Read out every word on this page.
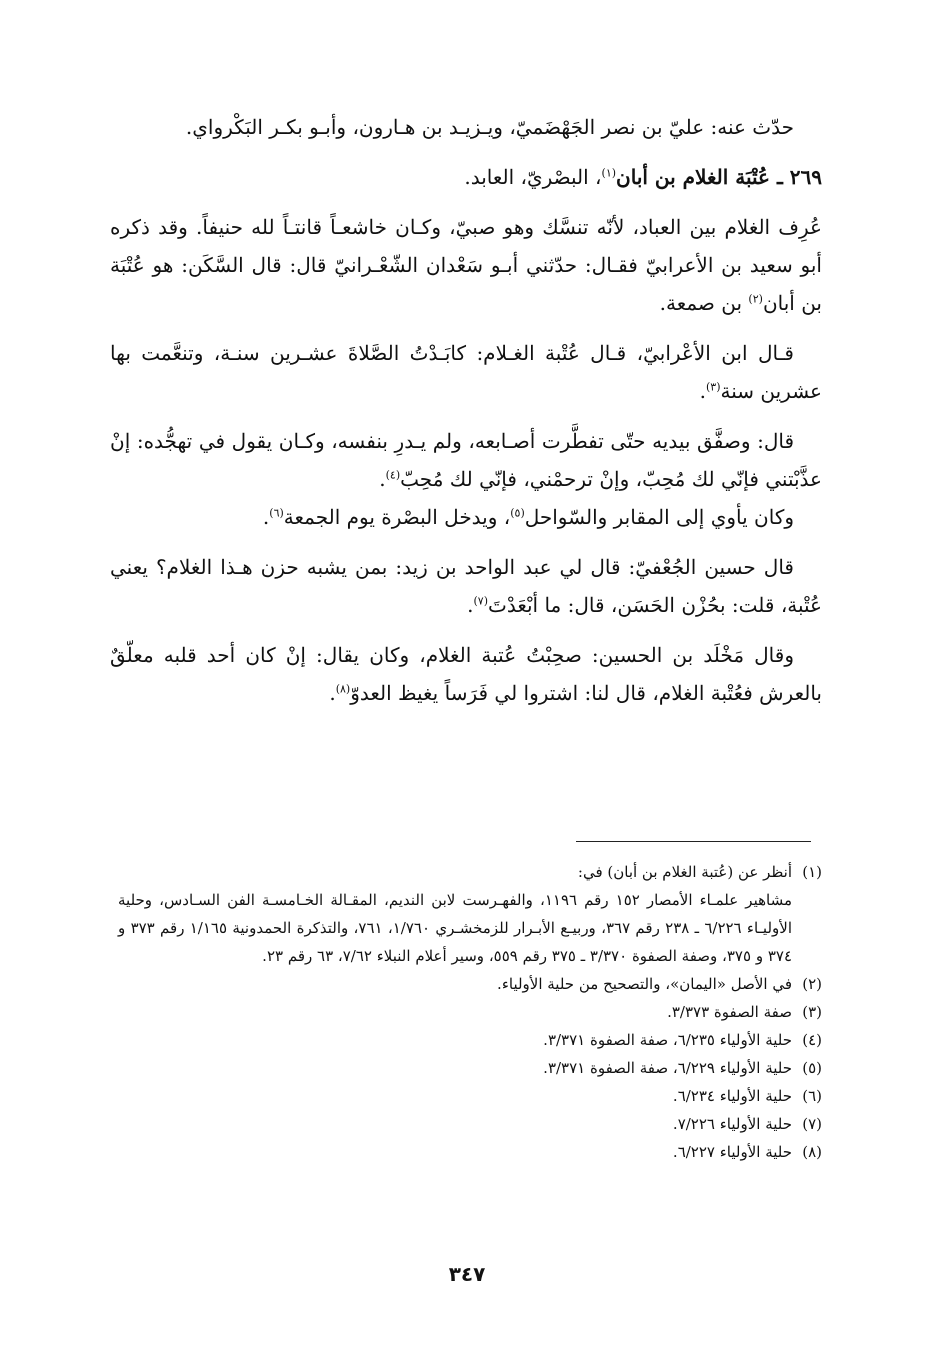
حدّث عنه: عليّ بن نصر الجَهْضَميّ، ويـزيـد بن هـارون، وأبـو بكـر البَكْرواي.

٢٦٩ ـ عُتْبَة الغلام بن أبان$^{(١)}$، البصْريّ، العابد.

عُرِف الغلام بين العباد، لأنّه تنسَّك وهو صبيّ، وكـان خاشعـاً قانتـاً لله حنيفاً. وقد ذكره أبو سعيد بن الأعرابيّ فقـال: حدّثني أبـو سَعْدان الشّعْـرانيّ قال: قال السَّكَن: هو عُتْبَة بن أبان$^{(٢)}$ بن صمعة.

قـال ابن الأعْرابيّ، قـال عُتْبة الغـلام: كابَـدْتُ الصَّلاةَ عشـرين سنـة، وتنعَّمت بها عشرين سنة$^{(٣)}$.

قال: وصفَّق بيديه حتّى تفطَّرت أصـابعه، ولم يـدرِ بنفسه، وكـان يقول في تهجُّده: إنْ عذَّبْتني فإنّي لك مُحِبّ، وإنْ ترحمْني، فإنّي لك مُحِبّ$^{(٤)}$.

وكان يأوي إلى المقابر والسّواحل$^{(٥)}$، ويدخل البصْرة يوم الجمعة$^{(٦)}$.

قال حسين الجُعْفيّ: قال لي عبد الواحد بن زيد: بمن يشبه حزن هـذا الغلام؟ يعني عُتْبة، قلت: بحُزْن الحَسَن، قال: ما أبْعَدْتَ$^{(٧)}$.

وقال مَخْلَد بن الحسين: صحِبْتُ عُتبة الغلام، وكان يقال: إنْ كان أحد قلبه معلّقٌ بالعرش فعُتْبة الغلام، قال لنا: اشتروا لي فَرَساً يغيظ العدوّ$^{(٨)}$.

(١)
أنظر عن (عُتبة الغلام بن أبان) في:
مشاهير علمـاء الأمصار ١٥٢ رقم ١١٩٦، والفهـرست لابن النديم، المقـالة الخـامسـة الفن السـادس، وحلية الأوليـاء ٦/٢٢٦ ـ ٢٣٨ رقم ٣٦٧، وربيـع الأبـرار للزمخشـري ١/٧٦٠، ٧٦١، والتذكرة الحمدونية ١/١٦٥ رقم ٣٧٣ و ٣٧٤ و ٣٧٥، وصفة الصفوة ٣/٣٧٠ ـ ٣٧٥ رقم ٥٥٩، وسير أعلام النبلاء ٧/٦٢، ٦٣ رقم ٢٣.
(٢)
في الأصل «اليمان»، والتصحيح من حلية الأولياء.
(٣)
صفة الصفوة ٣/٣٧٣.
(٤)
حلية الأولياء ٦/٢٣٥، صفة الصفوة ٣/٣٧١.
(٥)
حلية الأولياء ٦/٢٢٩، صفة الصفوة ٣/٣٧١.
(٦)
حلية الأولياء ٦/٢٣٤.
(٧)
حلية الأولياء ٧/٢٢٦.
(٨)
حلية الأولياء ٦/٢٢٧.
٣٤٧
